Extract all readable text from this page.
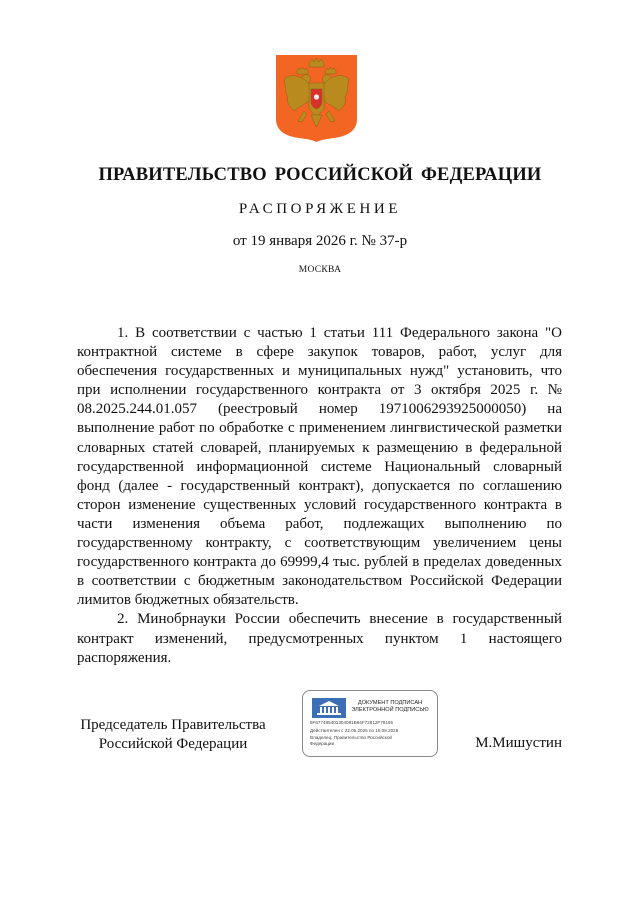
ПРАВИТЕЛЬСТВО РОССИЙСКОЙ ФЕДЕРАЦИИ
РАСПОРЯЖЕНИЕ
от 19 января 2026 г. № 37-р
МОСКВА

1. В соответствии с частью 1 статьи 111 Федерального закона "О контрактной системе в сфере закупок товаров, работ, услуг для обеспечения государственных и муниципальных нужд" установить, что при исполнении государственного контракта от 3 октября 2025 г. № 08.2025.244.01.057 (реестровый номер 1971006293925000050) на выполнение работ по обработке с применением лингвистической разметки словарных статей словарей, планируемых к размещению в федеральной государственной информационной системе Национальный словарный фонд (далее - государственный контракт), допускается по соглашению сторон изменение существенных условий государственного контракта в части изменения объема работ, подлежащих выполнению по государственному контракту, с соответствующим увеличением цены государственного контракта до 69999,4 тыс. рублей в пределах доведенных в соответствии с бюджетным законодательством Российской Федерации лимитов бюджетных обязательств.

2. Минобрнауки России обеспечить внесение в государственный контракт изменений, предусмотренных пунктом 1 настоящего распоряжения.

Председатель Правительства
Российской Федерации
ДОКУМЕНТ ПОДПИСАН
ЭЛЕКТРОННОЙ ПОДПИСЬЮ
6F677485401304081B84F72812F79155
Действителен с 22.05.2025 по 15.08.2026
Владелец: Правительство Российской
Федерации	М.Мишустин
